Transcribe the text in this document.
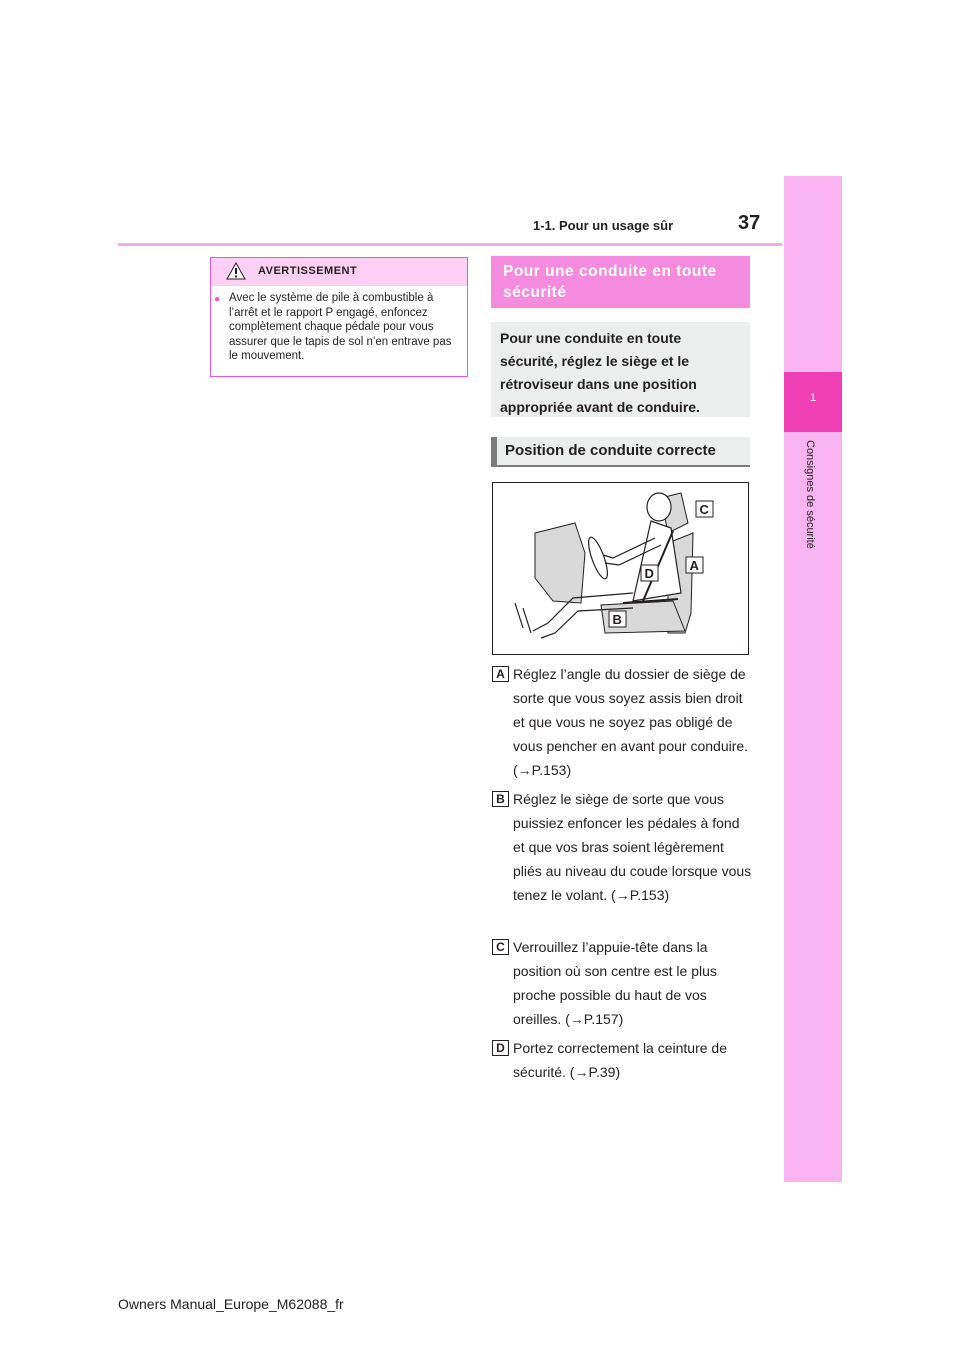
1
Consignes de sécurité
1-1. Pour un usage sûr	37
AVERTISSEMENT
● Avec le système de pile à combustible à l’arrêt et le rapport P engagé, enfoncez complètement chaque pédale pour vous assurer que le tapis de sol n’en entrave pas le mouvement.
Pour une conduite en toute sécurité
Pour une conduite en toute sécurité, réglez le siège et le rétroviseur dans une position appropriée avant de conduire.
Position de conduite correcte
C
A
D
B
A Réglez l’angle du dossier de siège de sorte que vous soyez assis bien droit et que vous ne soyez pas obligé de vous pencher en avant pour conduire. (→P.153)
B Réglez le siège de sorte que vous puissiez enfoncer les pédales à fond et que vos bras soient légèrement pliés au niveau du coude lorsque vous tenez le volant. (→P.153)
C Verrouillez l’appuie-tête dans la position où son centre est le plus proche possible du haut de vos oreilles. (→P.157)
D Portez correctement la ceinture de sécurité. (→P.39)
Owners Manual_Europe_M62088_fr
